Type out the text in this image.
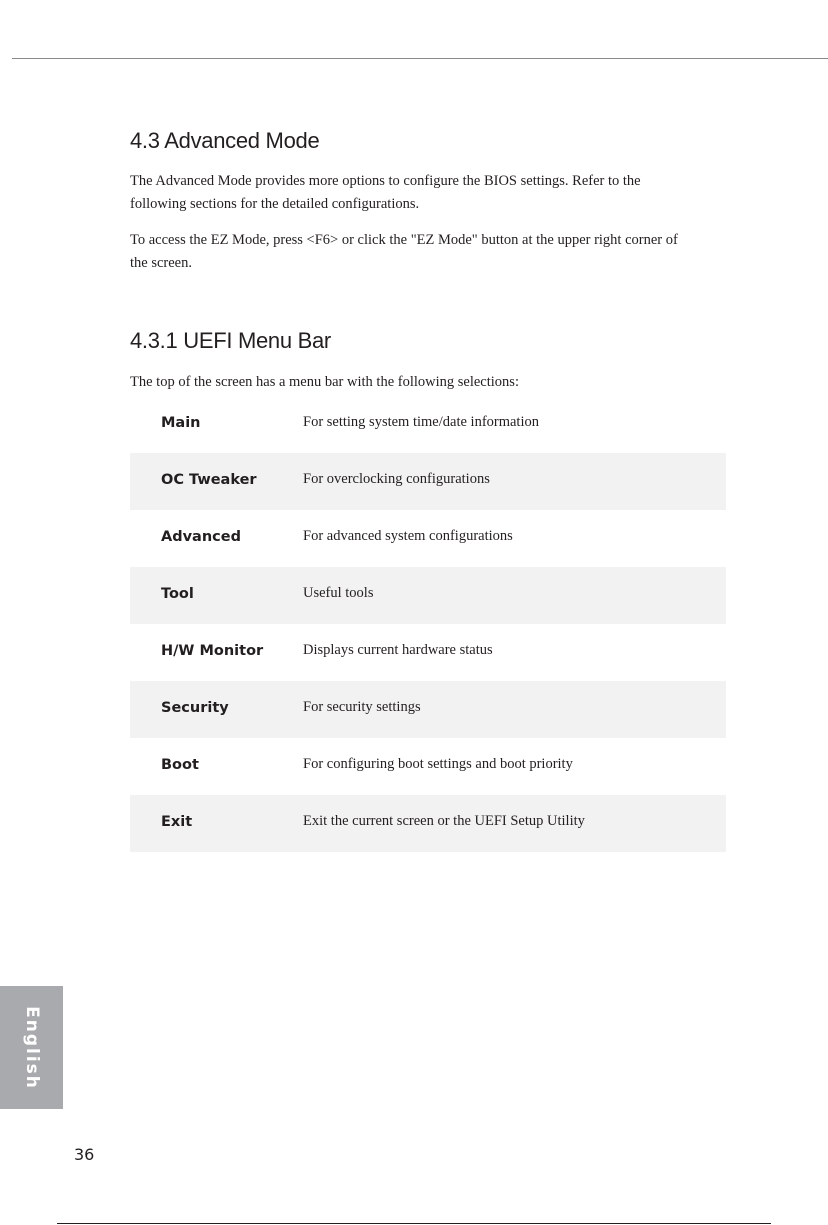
4.3 Advanced Mode

The Advanced Mode provides more options to configure the BIOS settings. Refer to the following sections for the detailed configurations.

To access the EZ Mode, press <F6> or click the "EZ Mode" button at the upper right corner of the screen.

4.3.1 UEFI Menu Bar

The top of the screen has a menu bar with the following selections:

Main	For setting system time/date information
OC Tweaker	For overclocking configurations
Advanced	For advanced system configurations
Tool	Useful tools
H/W Monitor	Displays current hardware status
Security	For security settings
Boot	For configuring boot settings and boot priority
Exit	Exit the current screen or the UEFI Setup Utility
English
36
